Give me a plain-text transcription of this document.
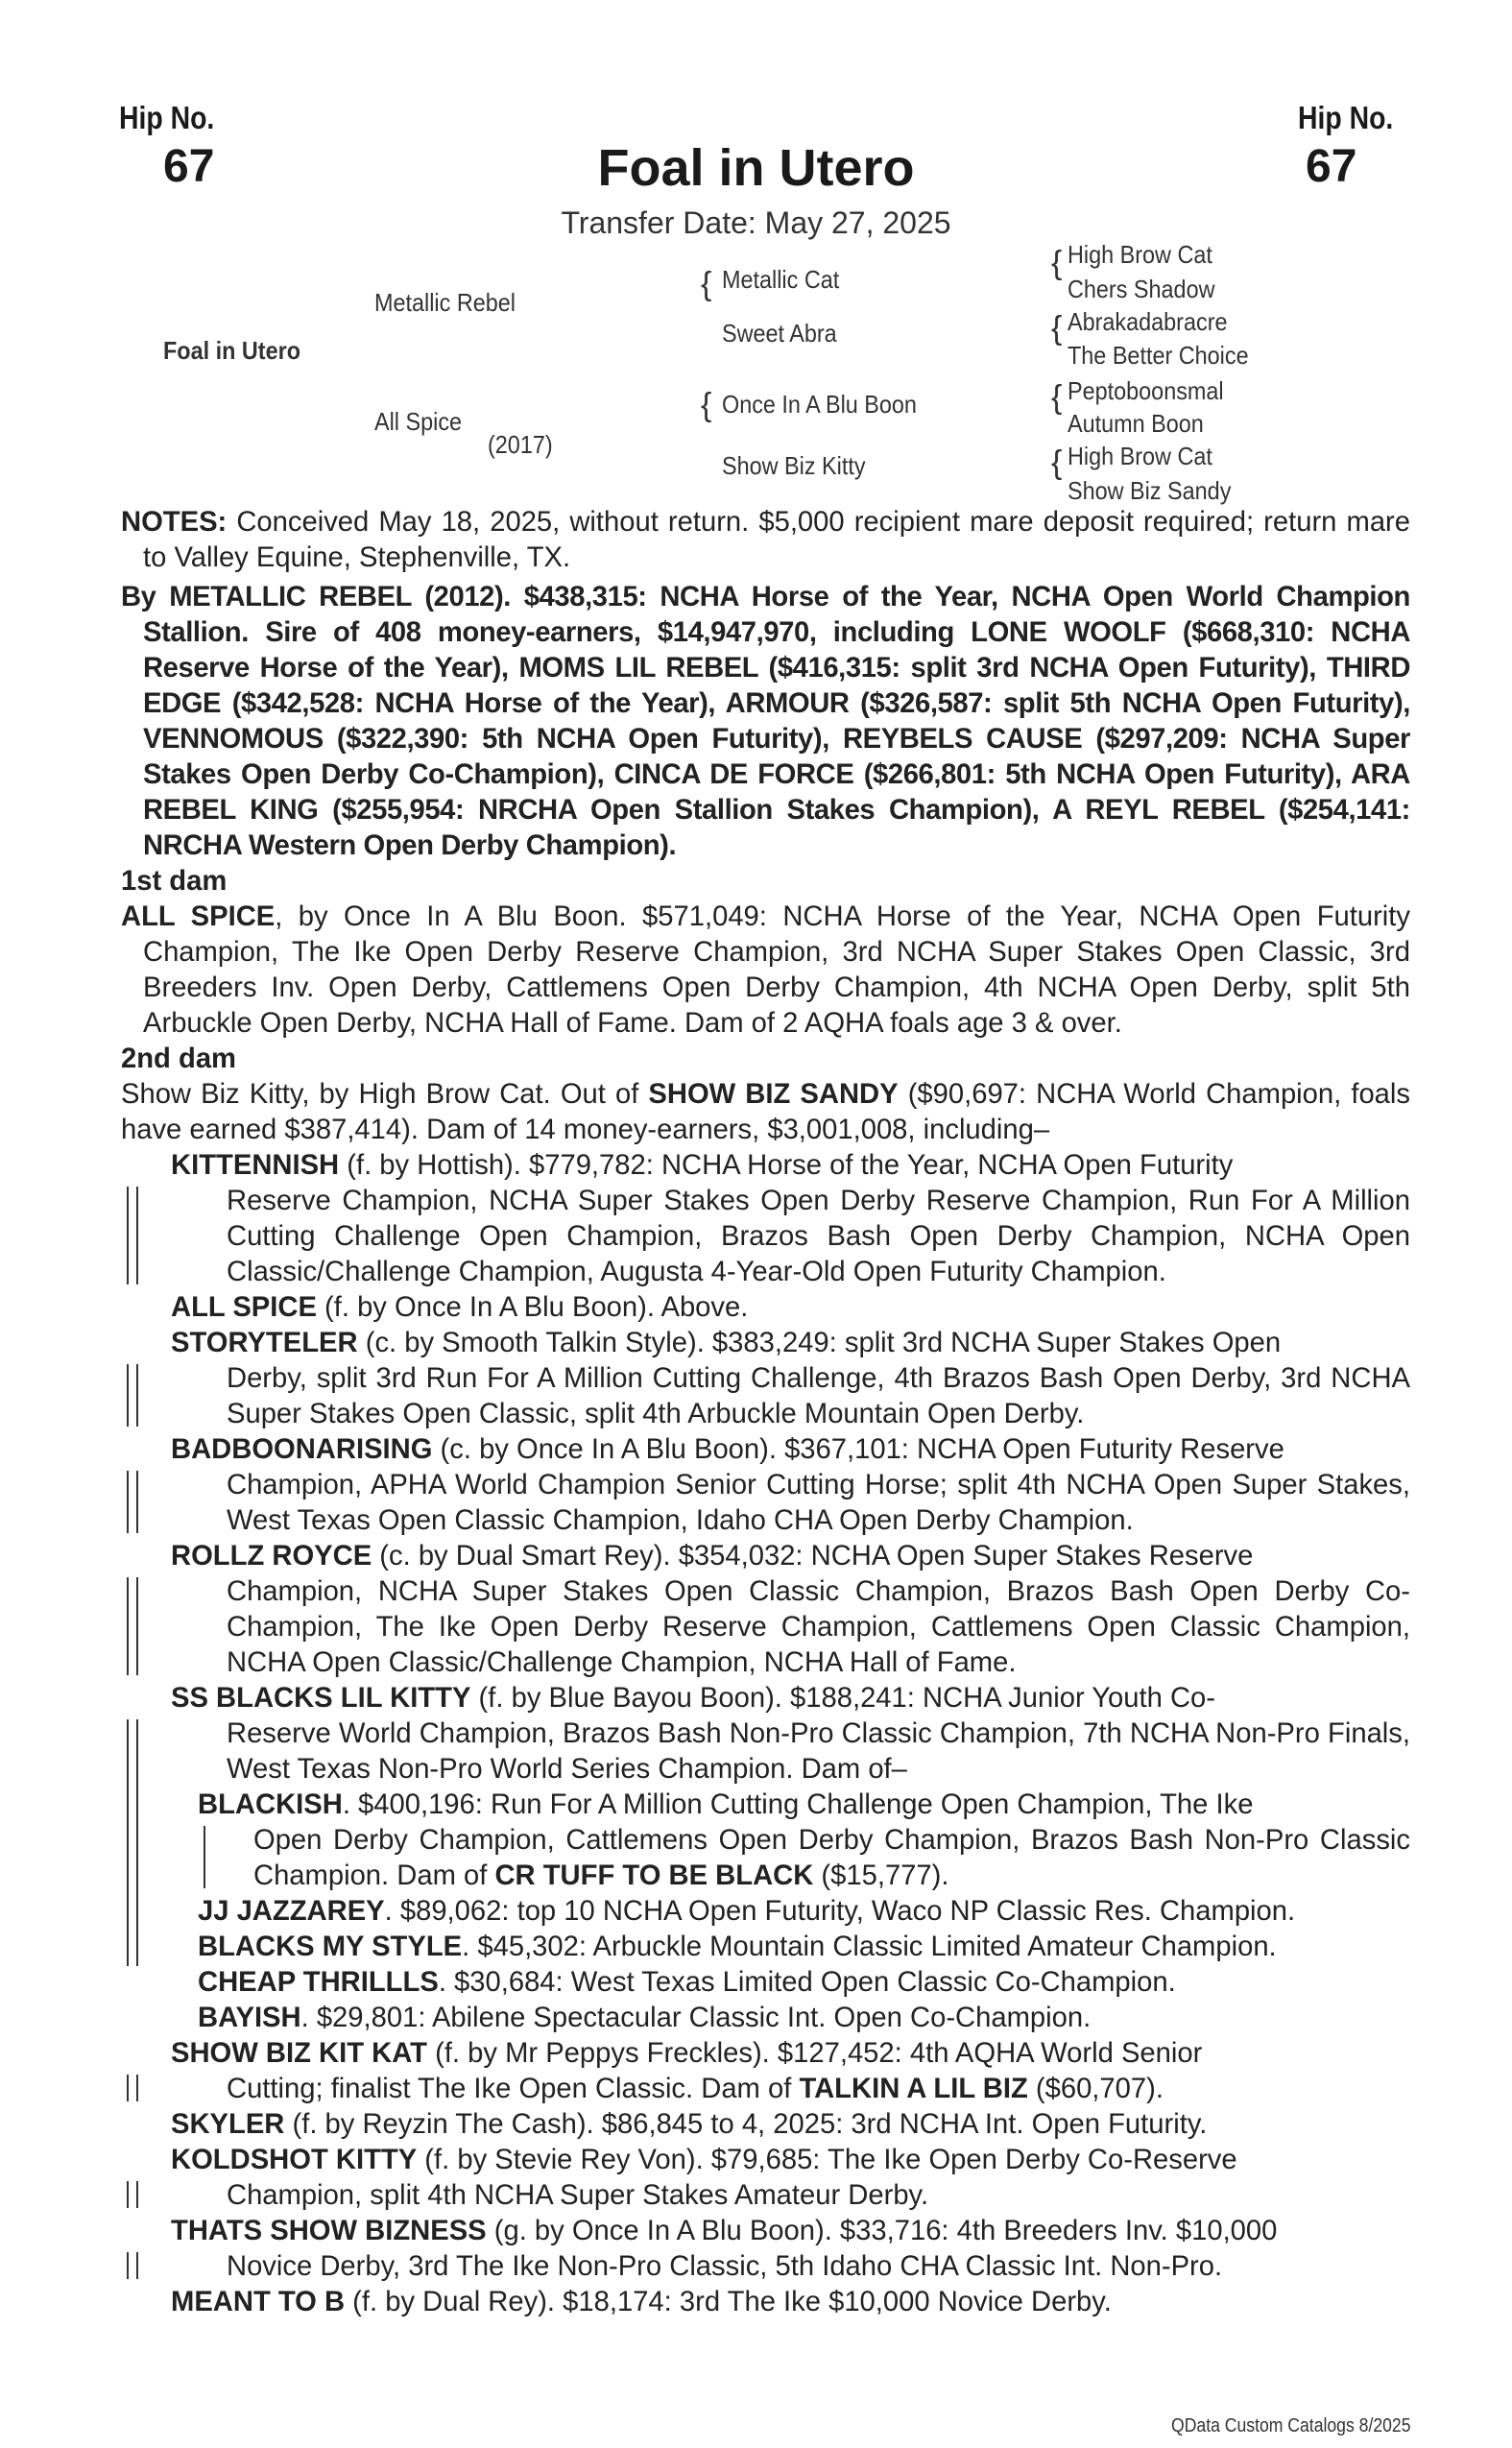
Hip No.
67
Hip No.
67
Foal in Utero
Transfer Date: May 27, 2025
Foal in Utero
Metallic Rebel
All Spice
(2017)
{ Metallic Cat
Sweet Abra
{ Once In A Blu Boon
Show Biz Kitty
{ High Brow Cat
Chers Shadow
{ Abrakadabracre
The Better Choice
{ Peptoboonsmal
Autumn Boon
{ High Brow Cat
Show Biz Sandy
NOTES: Conceived May 18, 2025, without return. $5,000 recipient mare deposit required; return mare to Valley Equine, Stephenville, TX.
By METALLIC REBEL (2012). $438,315: NCHA Horse of the Year, NCHA Open World Champion Stallion. Sire of 408 money-earners, $14,947,970, including LONE WOOLF ($668,310: NCHA Reserve Horse of the Year), MOMS LIL REBEL ($416,315: split 3rd NCHA Open Futurity), THIRD EDGE ($342,528: NCHA Horse of the Year), ARMOUR ($326,587: split 5th NCHA Open Futurity), VENNOMOUS ($322,390: 5th NCHA Open Futurity), REYBELS CAUSE ($297,209: NCHA Super Stakes Open Derby Co-Champion), CINCA DE FORCE ($266,801: 5th NCHA Open Futurity), ARA REBEL KING ($255,954: NRCHA Open Stallion Stakes Champion), A REYL REBEL ($254,141: NRCHA Western Open Derby Champion).
1st dam
ALL SPICE, by Once In A Blu Boon. $571,049: NCHA Horse of the Year, NCHA Open Futurity Champion, The Ike Open Derby Reserve Champion, 3rd NCHA Super Stakes Open Classic, 3rd Breeders Inv. Open Derby, Cattlemens Open Derby Champion, 4th NCHA Open Derby, split 5th Arbuckle Open Derby, NCHA Hall of Fame. Dam of 2 AQHA foals age 3 & over.
2nd dam
Show Biz Kitty, by High Brow Cat. Out of SHOW BIZ SANDY ($90,697: NCHA World Champion, foals have earned $387,414). Dam of 14 money-earners, $3,001,008, including–
KITTENNISH (f. by Hottish). $779,782: NCHA Horse of the Year, NCHA Open Futurity
Reserve Champion, NCHA Super Stakes Open Derby Reserve Champion, Run For A Million Cutting Challenge Open Champion, Brazos Bash Open Derby Champion, NCHA Open Classic/Challenge Champion, Augusta 4-Year-Old Open Futurity Champion.
ALL SPICE (f. by Once In A Blu Boon). Above.
STORYTELER (c. by Smooth Talkin Style). $383,249: split 3rd NCHA Super Stakes Open
Derby, split 3rd Run For A Million Cutting Challenge, 4th Brazos Bash Open Derby, 3rd NCHA Super Stakes Open Classic, split 4th Arbuckle Mountain Open Derby.
BADBOONARISING (c. by Once In A Blu Boon). $367,101: NCHA Open Futurity Reserve
Champion, APHA World Champion Senior Cutting Horse; split 4th NCHA Open Super Stakes, West Texas Open Classic Champion, Idaho CHA Open Derby Champion.
ROLLZ ROYCE (c. by Dual Smart Rey). $354,032: NCHA Open Super Stakes Reserve
Champion, NCHA Super Stakes Open Classic Champion, Brazos Bash Open Derby Co-Champion, The Ike Open Derby Reserve Champion, Cattlemens Open Classic Champion, NCHA Open Classic/Challenge Champion, NCHA Hall of Fame.
SS BLACKS LIL KITTY (f. by Blue Bayou Boon). $188,241: NCHA Junior Youth Co-
Reserve World Champion, Brazos Bash Non-Pro Classic Champion, 7th NCHA Non-Pro Finals, West Texas Non-Pro World Series Champion. Dam of–
BLACKISH. $400,196: Run For A Million Cutting Challenge Open Champion, The Ike
Open Derby Champion, Cattlemens Open Derby Champion, Brazos Bash Non-Pro Classic Champion. Dam of CR TUFF TO BE BLACK ($15,777).
JJ JAZZAREY. $89,062: top 10 NCHA Open Futurity, Waco NP Classic Res. Champion.
BLACKS MY STYLE. $45,302: Arbuckle Mountain Classic Limited Amateur Champion.
CHEAP THRILLLS. $30,684: West Texas Limited Open Classic Co-Champion.
BAYISH. $29,801: Abilene Spectacular Classic Int. Open Co-Champion.
SHOW BIZ KIT KAT (f. by Mr Peppys Freckles). $127,452: 4th AQHA World Senior
Cutting; finalist The Ike Open Classic. Dam of TALKIN A LIL BIZ ($60,707).
SKYLER (f. by Reyzin The Cash). $86,845 to 4, 2025: 3rd NCHA Int. Open Futurity.
KOLDSHOT KITTY (f. by Stevie Rey Von). $79,685: The Ike Open Derby Co-Reserve
Champion, split 4th NCHA Super Stakes Amateur Derby.
THATS SHOW BIZNESS (g. by Once In A Blu Boon). $33,716: 4th Breeders Inv. $10,000
Novice Derby, 3rd The Ike Non-Pro Classic, 5th Idaho CHA Classic Int. Non-Pro.
MEANT TO B (f. by Dual Rey). $18,174: 3rd The Ike $10,000 Novice Derby.
QData Custom Catalogs 8/2025
